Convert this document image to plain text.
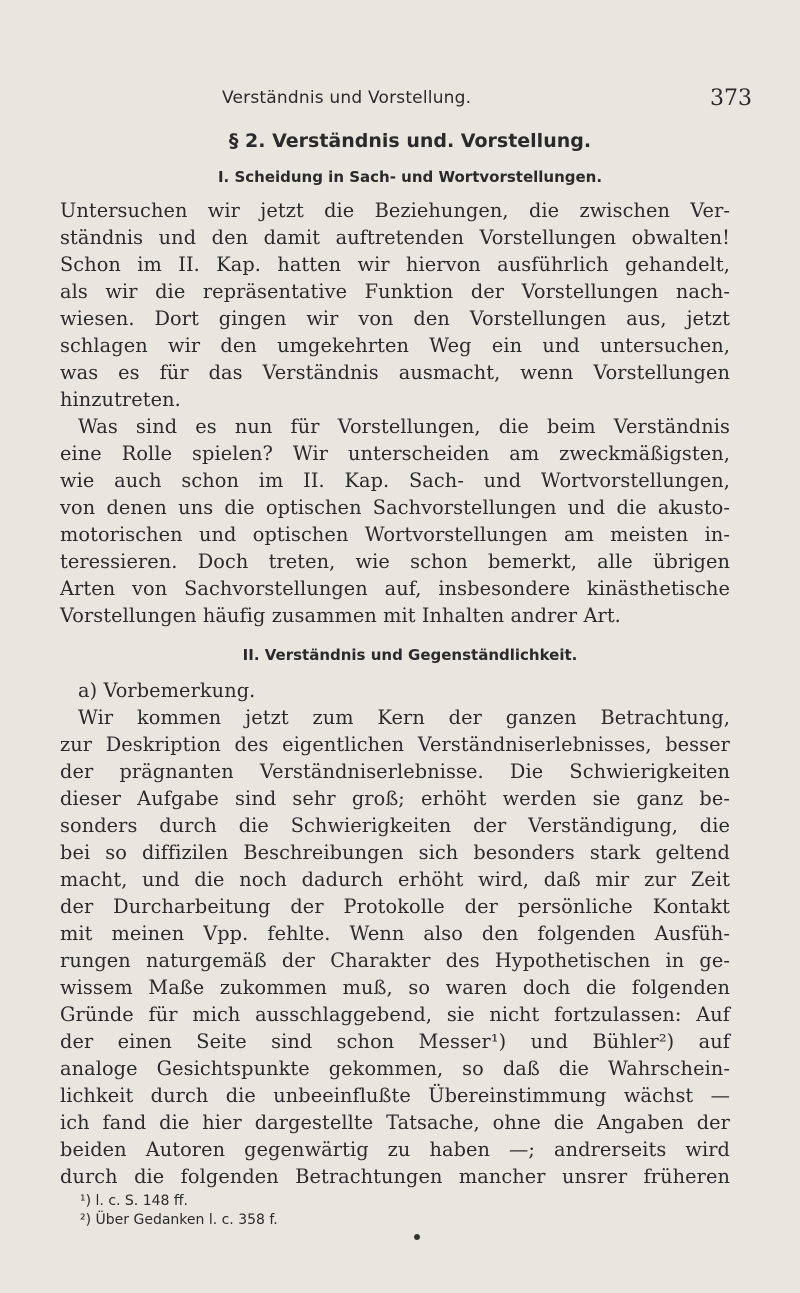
Verständnis und Vorstellung.	373
§ 2. Verständnis und. Vorstellung.
I. Scheidung in Sach- und Wortvorstellungen.
Untersuchen wir jetzt die Beziehungen, die zwischen Ver-
ständnis und den damit auftretenden Vorstellungen obwalten!
Schon im II. Kap. hatten wir hiervon ausführlich gehandelt,
als wir die repräsentative Funktion der Vorstellungen nach-
wiesen. Dort gingen wir von den Vorstellungen aus, jetzt
schlagen wir den umgekehrten Weg ein und untersuchen,
was es für das Verständnis ausmacht, wenn Vorstellungen
hinzutreten.
Was sind es nun für Vorstellungen, die beim Verständnis
eine Rolle spielen? Wir unterscheiden am zweckmäßigsten,
wie auch schon im II. Kap. Sach- und Wortvorstellungen,
von denen uns die optischen Sachvorstellungen und die akusto-
motorischen und optischen Wortvorstellungen am meisten in-
teressieren. Doch treten, wie schon bemerkt, alle übrigen
Arten von Sachvorstellungen auf, insbesondere kinästhetische
Vorstellungen häufig zusammen mit Inhalten andrer Art.
II. Verständnis und Gegenständlichkeit.
a) Vorbemerkung.
Wir kommen jetzt zum Kern der ganzen Betrachtung,
zur Deskription des eigentlichen Verständniserlebnisses, besser
der prägnanten Verständniserlebnisse. Die Schwierigkeiten
dieser Aufgabe sind sehr groß; erhöht werden sie ganz be-
sonders durch die Schwierigkeiten der Verständigung, die
bei so diffizilen Beschreibungen sich besonders stark geltend
macht, und die noch dadurch erhöht wird, daß mir zur Zeit
der Durcharbeitung der Protokolle der persönliche Kontakt
mit meinen Vpp. fehlte. Wenn also den folgenden Ausfüh-
rungen naturgemäß der Charakter des Hypothetischen in ge-
wissem Maße zukommen muß, so waren doch die folgenden
Gründe für mich ausschlaggebend, sie nicht fortzulassen: Auf
der einen Seite sind schon Messer¹) und Bühler²) auf
analoge Gesichtspunkte gekommen, so daß die Wahrschein-
lichkeit durch die unbeeinflußte Übereinstimmung wächst —
ich fand die hier dargestellte Tatsache, ohne die Angaben der
beiden Autoren gegenwärtig zu haben —; andrerseits wird
durch die folgenden Betrachtungen mancher unsrer früheren
¹) l. c. S. 148 ff.
²) Über Gedanken l. c. 358 f.
